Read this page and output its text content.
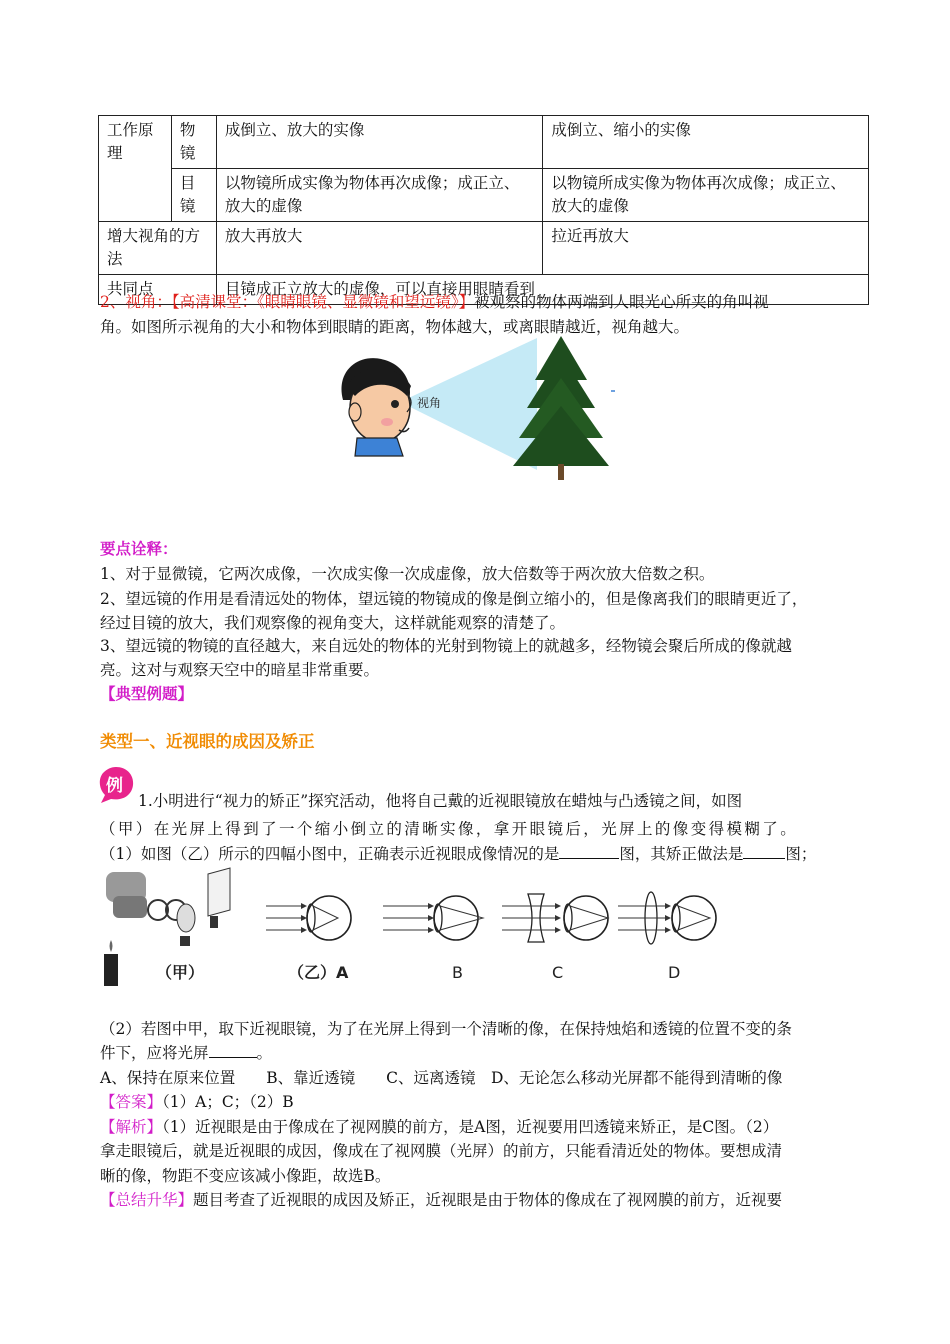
工作原理	物镜	成倒立、放大的实像	成倒立、缩小的实像
	目镜	以物镜所成实像为物体再次成像；成正立、放大的虚像	以物镜所成实像为物体再次成像；成正立、放大的虚像
增大视角的方法		放大再放大	拉近再放大
共同点		目镜成正立放大的虚像，可以直接用眼睛看到	
2、视角：【高清课堂：《眼睛眼镜、显微镜和望远镜》】被观察的物体两端到人眼光心所夹的角叫视
角。如图所示视角的大小和物体到眼睛的距离，物体越大，或离眼睛越近，视角越大。
视角
要点诠释：
1、对于显微镜，它两次成像，一次成实像一次成虚像，放大倍数等于两次放大倍数之积。
2、望远镜的作用是看清远处的物体，望远镜的物镜成的像是倒立缩小的，但是像离我们的眼睛更近了，
经过目镜的放大，我们观察像的视角变大，这样就能观察的清楚了。
3、望远镜的物镜的直径越大，来自远处的物体的光射到物镜上的就越多，经物镜会聚后所成的像就越
亮。这对与观察天空中的暗星非常重要。
【典型例题】
类型一、近视眼的成因及矫正
例
1.小明进行“视力的矫正”探究活动，他将自己戴的近视眼镜放在蜡烛与凸透镜之间，如图
（甲）在光屏上得到了一个缩小倒立的清晰实像，拿开眼镜后，光屏上的像变得模糊了。
（1）如图（乙）所示的四幅小图中，正确表示近视眼成像情况的是	图，其矫正做法是	图；
（甲）	（乙）A	B	C	D
（2）若图中甲，取下近视眼镜，为了在光屏上得到一个清晰的像，在保持烛焰和透镜的位置不变的条
件下，应将光屏	。
A、保持在原来位置　　B、靠近透镜　　C、远离透镜　D、无论怎么移动光屏都不能得到清晰的像
【答案】（1）A；C；（2）B
【解析】（1）近视眼是由于像成在了视网膜的前方，是A图，近视要用凹透镜来矫正，是C图。（2）
拿走眼镜后，就是近视眼的成因，像成在了视网膜（光屏）的前方，只能看清近处的物体。要想成清
晰的像，物距不变应该减小像距，故选B。
【总结升华】题目考查了近视眼的成因及矫正，近视眼是由于物体的像成在了视网膜的前方，近视要
